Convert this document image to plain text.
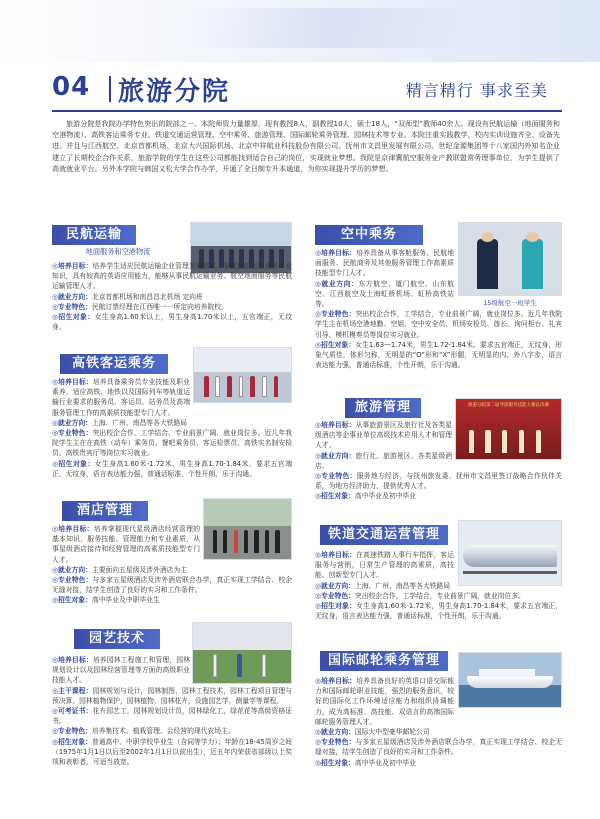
04 旅游分院	精言精行 事求至美
旅游分院是我院办学特色突出的院部之一。本院师资力量雄厚，现有教授8人，副教授10人，硕士18人，“双师型”教师40余人。现设有民航运输（地面服务和空港物流）、高铁客运乘务专业、铁道交通运营管理、空中乘务、旅游管理、国际邮轮乘务管理、园林技术等专业。本院注重实践教学，校内实训设施齐全、设备先进。并且与江西航空、北京首都机场、北京大兴国际机场、北京中祥航业科技股份有限公司、抚州市文昌里发展有限公司、世纪金源集团等十八家国内外知名企业建立了长期校企合作关系，旅游学院的学生在这些公司都能找到适合自己的岗位，实现就业梦想。我院是京津冀航空服务业产教联盟常务理事单位，为学生提供了高就就业平台。另外本学院与韩国又松大学合作办学，开通了全日制专升本通道，为你实现提升学历的梦想。
民航运输
地面服务和空港物流

◎培养目标：培养学生适应民航运输企业管理发展需求，掌握民航运输业务专业知识，具有较高的英语应用能力，能够从事民航运输业务、航空地面服务等民航运输管理人才。

◎就业方向：北京首都机场和南昌昌北机场 定向班

◎专业特色：民航订票经理在江西唯一一所定向培养院校。

◎招生对象：女生身高1.60米以上，男生身高1.70米以上，五官端正，无纹身。

高铁客运乘务

◎培养目标：培养具备乘务员专业技能及职业素养，适应高铁、地铁以及国际列车等轨道运输行业要求的服务员、客运员、站务员及高端服务管理工作的高素质技能型专门人才。

◎就业方向：上海、广州、南昌等各大铁路局

◎专业特色：突出校企合作、工学结合、专业前景广阔、就业岗位多。近几年我院学生主在在高铁（动车）乘务员、餐吧乘务员、客运检票员、高铁实名制安检员、高铁贵宾厅等岗位实习就业。

◎招生对象：女生身高1.60米-1.72米，男生身高1.70-1.84米，要求五官端正，无纹身，语言表达能力强，普通话标准，个性开朗，乐于沟通。

酒店管理

◎培养目标：培养掌握现代星级酒店经营管理的基本知识、服务技能、管理能力和专业素质，从事星级酒店接待和经营管理的高素质技能型专门人才。

◎就业方向：主要面向五星级及涉外酒店为主

◎专业特色：与多家五星级酒店及涉外酒店联合办学，真正实现工学结合、校企无缝对接，结学生创造了良好的实习和工作条件。

◎招生对象：高中毕业及中职毕业生

园艺技术

◎培养目标：培养园林工程施工和管理，园林规划设计以及园林经营管理等方面的高级职业技能人才。

◎主干课程：园林规划与设计，园林制图，园林工程技术，园林工程项目管理与预决算，园林植物保护，园林植物，园林花卉，设施园艺学，测量学等课程。

◎可考证书：花卉园艺工，园林规划设计员，园林绿化工，绿花花等高级资格证书。

◎专业特色：培养集技术、植栽管理、会经营的现代农场主。

◎招生对象：普通高中、中职学校毕业生（含同等学力）；年龄在18-45周岁之间（1975年1月1日以后至2002年1月1日以前出生），近五年内荣获省部级以上奖项和表彰者，可适当放宽。

空中乘务
15级航空一班学生

◎培养目标：培养具备从事客舱服务、民航地面服务、民航商务及其他服务管理工作高素质技能型专门人才。

◎就业方向：东方航空、厦门航空、山东航空、江西航空及上海虹桥机场、虹桥高铁站等。

◎专业特色：突出校企合作，工学结合，专业前景广阔，就业岗位多。近几年我院学生主在机场空港地勤、空姐、空中安全员、机场安检员、酋长、询问柜台、礼宾引导、模机模奏员等岗位实习就业。

◎招生对象：女生1.63—1.74米，男生1.72-1.84米。要求五官端正，无纹身，形象气质佳，体形匀称，无明显的“O”形和“X”形腿，无明显的内、外八字步，语言表达能力强，普通话标准，个性开朗，乐于沟通。

旅游管理	旅游分院第二届导游服务技能大赛总决赛

◎培养目标：从事旅游景区及旅行社及各类星级酒店等企事业单位高级技术应用人才和管理人才。

◎就业方向：旅行社、旅游景区、各类星级酒店。

◎专业特色：服务地方经济，与抚州旅发委、抚州市文昌里签订战略合作伙伴关系，为地方经济助力，提供优秀人才。

◎招生对象：高中毕业及初中毕业

铁道交通运营管理

◎培养目标：在高速铁路人事行车指挥，客运服务与营销，日常生产管理的高素质，高技能、创新型专门人才。

◎就业方向：上海、广州、南昌等各大铁路局

◎专业特色：突出校企合作，工学结合，专业前景广阔，就业岗位多。

◎招生对象：女生身高1.60米-1.72米，男生身高1.70-1.84米，要求五官端正，无纹身，语言表达能力强，普通话标准，个性开朗，乐于沟通。

国际邮轮乘务管理

◎培养目标：培养具备良好的英语口语交际能力和国际邮轮职业技能，强烈的服务意识，较好的国际化工作环境适应能力和组织协调能力，成为高标准、高技能、双语言的高端国际邮轮服务管理人才。

◎就业方向：国际大中型豪华邮轮公司

◎专业特色：与多家五星级酒店及涉外酒店联合办学，真正实现工学结合、校企无缝对接，结学生创造了良好的实习和工作条件。

◎招生对象：高中毕业及初中毕业
